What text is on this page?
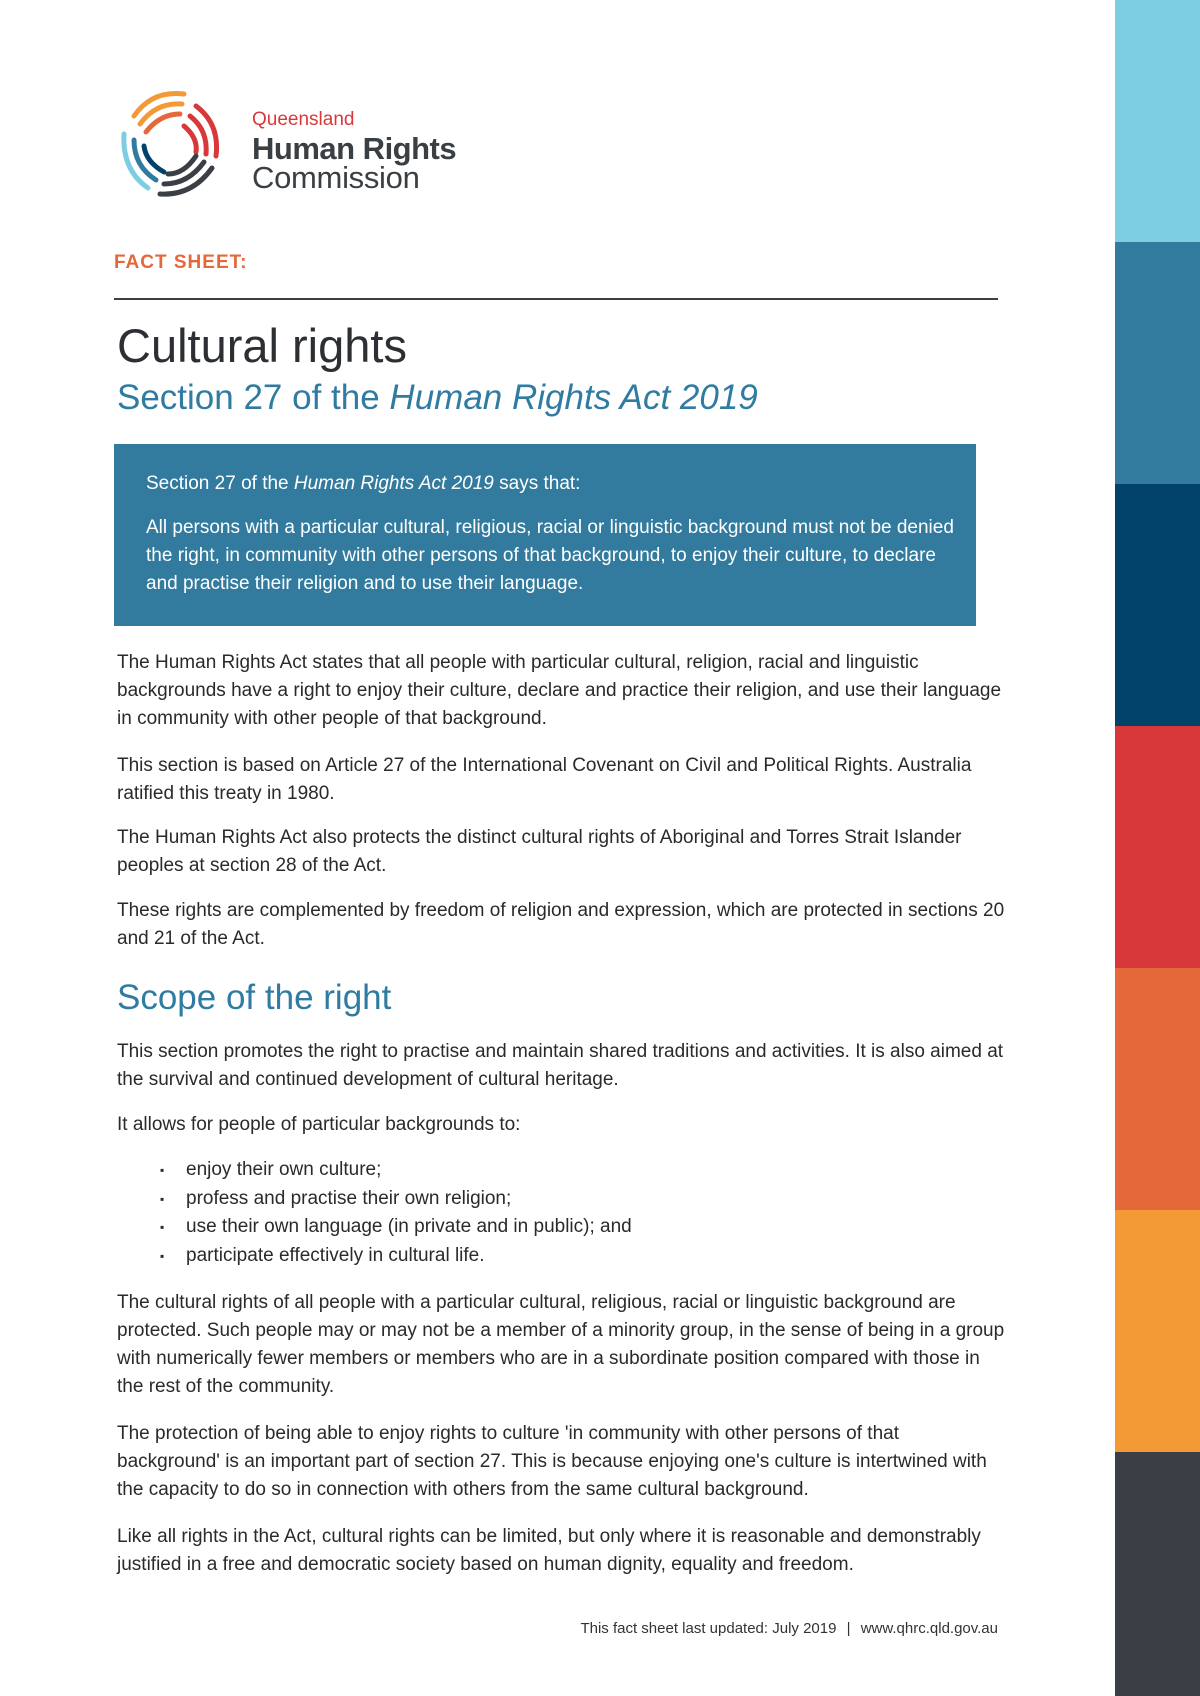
Queensland
Human Rights
Commission
FACT SHEET:
Cultural rights
Section 27 of the Human Rights Act 2019

Section 27 of the Human Rights Act 2019 says that:

All persons with a particular cultural, religious, racial or linguistic background must not be denied the right, in community with other persons of that background, to enjoy their culture, to declare and practise their religion and to use their language.

The Human Rights Act states that all people with particular cultural, religion, racial and linguistic backgrounds have a right to enjoy their culture, declare and practice their religion, and use their language in community with other people of that background.

This section is based on Article 27 of the International Covenant on Civil and Political Rights. Australia ratified this treaty in 1980.

The Human Rights Act also protects the distinct cultural rights of Aboriginal and Torres Strait Islander peoples at section 28 of the Act.

These rights are complemented by freedom of religion and expression, which are protected in sections 20 and 21 of the Act.

Scope of the right

This section promotes the right to practise and maintain shared traditions and activities. It is also aimed at the survival and continued development of cultural heritage.

It allows for people of particular backgrounds to:

▪ enjoy their own culture;
▪ profess and practise their own religion;
▪ use their own language (in private and in public); and
▪ participate effectively in cultural life.

The cultural rights of all people with a particular cultural, religious, racial or linguistic background are protected. Such people may or may not be a member of a minority group, in the sense of being in a group with numerically fewer members or members who are in a subordinate position compared with those in the rest of the community.

The protection of being able to enjoy rights to culture 'in community with other persons of that background' is an important part of section 27. This is because enjoying one's culture is intertwined with the capacity to do so in connection with others from the same cultural background.

Like all rights in the Act, cultural rights can be limited, but only where it is reasonable and demonstrably justified in a free and democratic society based on human dignity, equality and freedom.

This fact sheet last updated: July 2019 | www.qhrc.qld.gov.au
